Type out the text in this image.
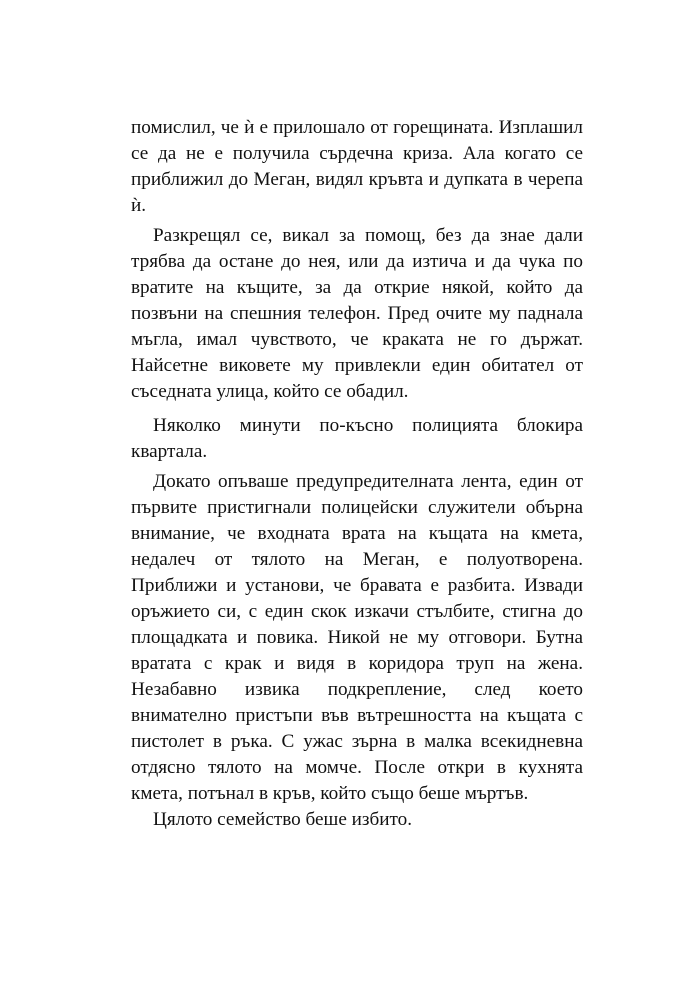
помислил, че ѝ е прилошало от горещината. Изплашил се да не е получила сърдечна криза. Ала когато се приближил до Меган, видял кръвта и дупката в черепа ѝ.

Разкрещял се, викал за помощ, без да знае дали трябва да остане до нея, или да изтича и да чука по вратите на къщите, за да открие някой, който да позвъни на спешния телефон. Пред очите му паднала мъгла, имал чувството, че краката не го държат. Найсетне виковете му привлекли един обитател от съседната улица, който се обадил.

Няколко минути по-късно полицията блокира квартала.

Докато опъваше предупредителната лента, един от първите пристигнали полицейски служители обърна внимание, че входната врата на къщата на кмета, недалеч от тялото на Меган, е полуотворена. Приближи и установи, че бравата е разбита. Извади оръжието си, с един скок изкачи стълбите, стигна до площадката и повика. Никой не му отговори. Бутна вратата с крак и видя в коридора труп на жена. Незабавно извика подкрепление, след което внимателно пристъпи във вътрешността на къщата с пистолет в ръка. С ужас зърна в малка всекидневна отдясно тялото на момче. После откри в кухнята кмета, потънал в кръв, който също беше мъртъв.

Цялото семейство беше избито.
